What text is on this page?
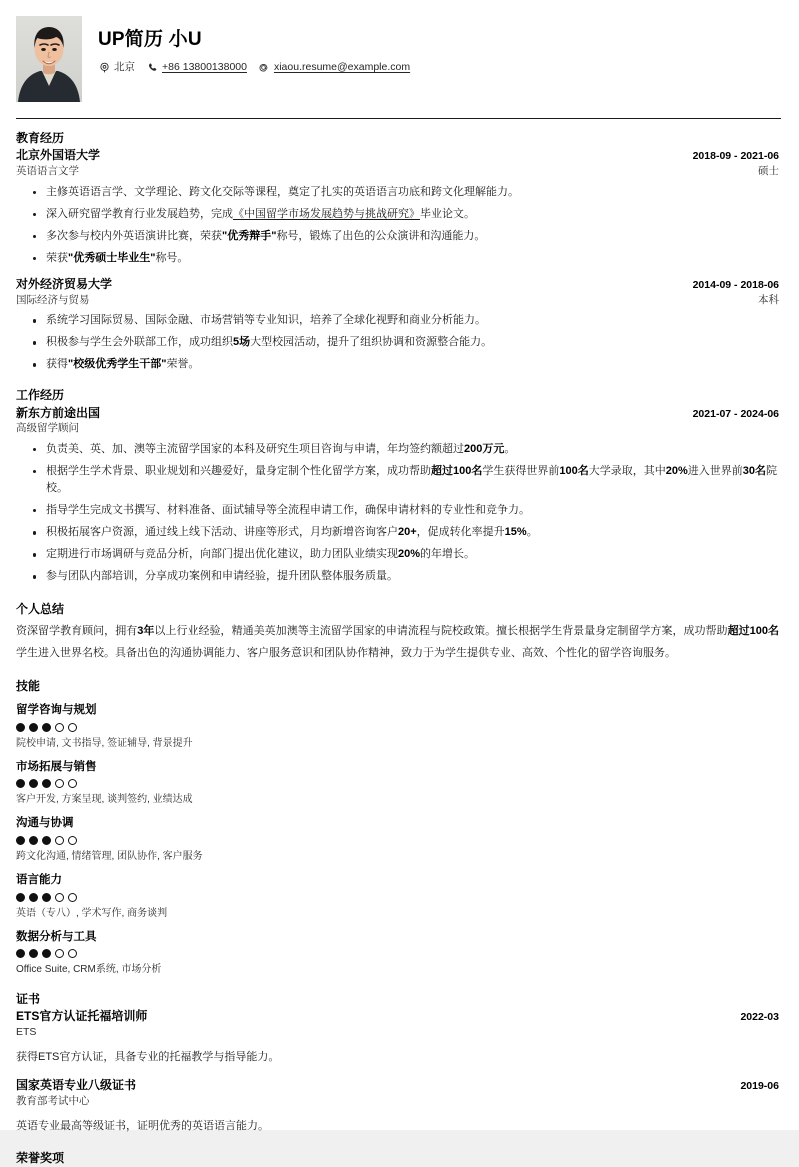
UP简历 小U
北京	+86 13800138000	xiaou.resume@example.com
教育经历
北京外国语大学	2018-09 - 2021-06
英语语言文学	硕士
主修英语语言学、文学理论、跨文化交际等课程，奠定了扎实的英语语言功底和跨文化理解能力。
深入研究留学教育行业发展趋势，完成《中国留学市场发展趋势与挑战研究》毕业论文。
多次参与校内外英语演讲比赛，荣获"优秀辩手"称号，锻炼了出色的公众演讲和沟通能力。
荣获"优秀硕士毕业生"称号。
对外经济贸易大学	2014-09 - 2018-06
国际经济与贸易	本科
系统学习国际贸易、国际金融、市场营销等专业知识，培养了全球化视野和商业分析能力。
积极参与学生会外联部工作，成功组织5场大型校园活动，提升了组织协调和资源整合能力。
获得"校级优秀学生干部"荣誉。
工作经历
新东方前途出国	2021-07 - 2024-06
高级留学顾问
负责美、英、加、澳等主流留学国家的本科及研究生项目咨询与申请，年均签约额超过200万元。
根据学生学术背景、职业规划和兴趣爱好，量身定制个性化留学方案，成功帮助超过100名学生获得世界前100名大学录取，其中20%进入世界前30名院校。
指导学生完成文书撰写、材料准备、面试辅导等全流程申请工作，确保申请材料的专业性和竞争力。
积极拓展客户资源，通过线上线下活动、讲座等形式，月均新增咨询客户20+，促成转化率提升15%。
定期进行市场调研与竞品分析，向部门提出优化建议，助力团队业绩实现20%的年增长。
参与团队内部培训，分享成功案例和申请经验，提升团队整体服务质量。
个人总结

资深留学教育顾问，拥有3年以上行业经验，精通美英加澳等主流留学国家的申请流程与院校政策。擅长根据学生背景量身定制留学方案，成功帮助超过100名学生进入世界名校。具备出色的沟通协调能力、客户服务意识和团队协作精神，致力于为学生提供专业、高效、个性化的留学咨询服务。

技能
留学咨询与规划
院校申请, 文书指导, 签证辅导, 背景提升
市场拓展与销售
客户开发, 方案呈现, 谈判签约, 业绩达成
沟通与协调
跨文化沟通, 情绪管理, 团队协作, 客户服务
语言能力
英语（专八）, 学术写作, 商务谈判
数据分析与工具
Office Suite, CRM系统, 市场分析
证书
ETS官方认证托福培训师	2022-03
ETS
获得ETS官方认证，具备专业的托福教学与指导能力。
国家英语专业八级证书	2019-06
教育部考试中心
英语专业最高等级证书，证明优秀的英语语言能力。
荣誉奖项
